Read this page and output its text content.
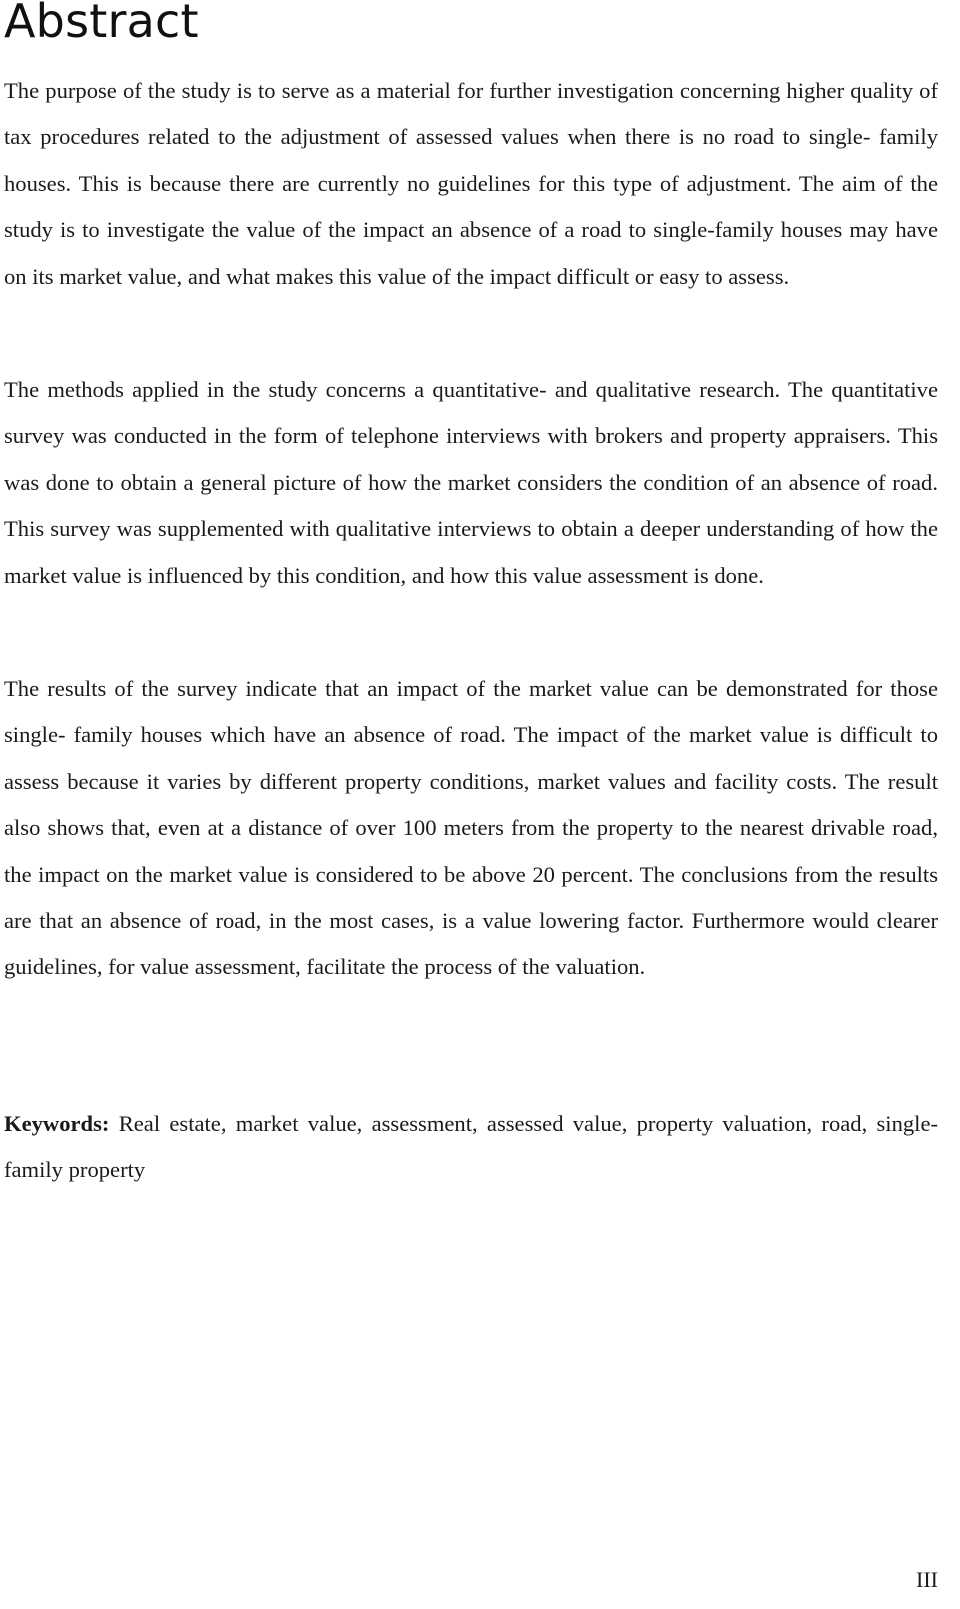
Abstract

The purpose of the study is to serve as a material for further investigation concerning higher quality of tax procedures related to the adjustment of assessed values when there is no road to single- family houses. This is because there are currently no guidelines for this type of adjustment. The aim of the study is to investigate the value of the impact an absence of a road to single-family houses may have on its market value, and what makes this value of the impact difficult or easy to assess.

The methods applied in the study concerns a quantitative- and qualitative research. The quantitative survey was conducted in the form of telephone interviews with brokers and property appraisers. This was done to obtain a general picture of how the market considers the condition of an absence of road. This survey was supplemented with qualitative interviews to obtain a deeper understanding of how the market value is influenced by this condition, and how this value assessment is done.

The results of the survey indicate that an impact of the market value can be demonstrated for those single- family houses which have an absence of road. The impact of the market value is difficult to assess because it varies by different property conditions, market values and facility costs. The result also shows that, even at a distance of over 100 meters from the property to the nearest drivable road, the impact on the market value is considered to be above 20 percent. The conclusions from the results are that an absence of road, in the most cases, is a value lowering factor. Furthermore would clearer guidelines, for value assessment, facilitate the process of the valuation.

Keywords: Real estate, market value, assessment, assessed value, property valuation, road, single- family property

III
